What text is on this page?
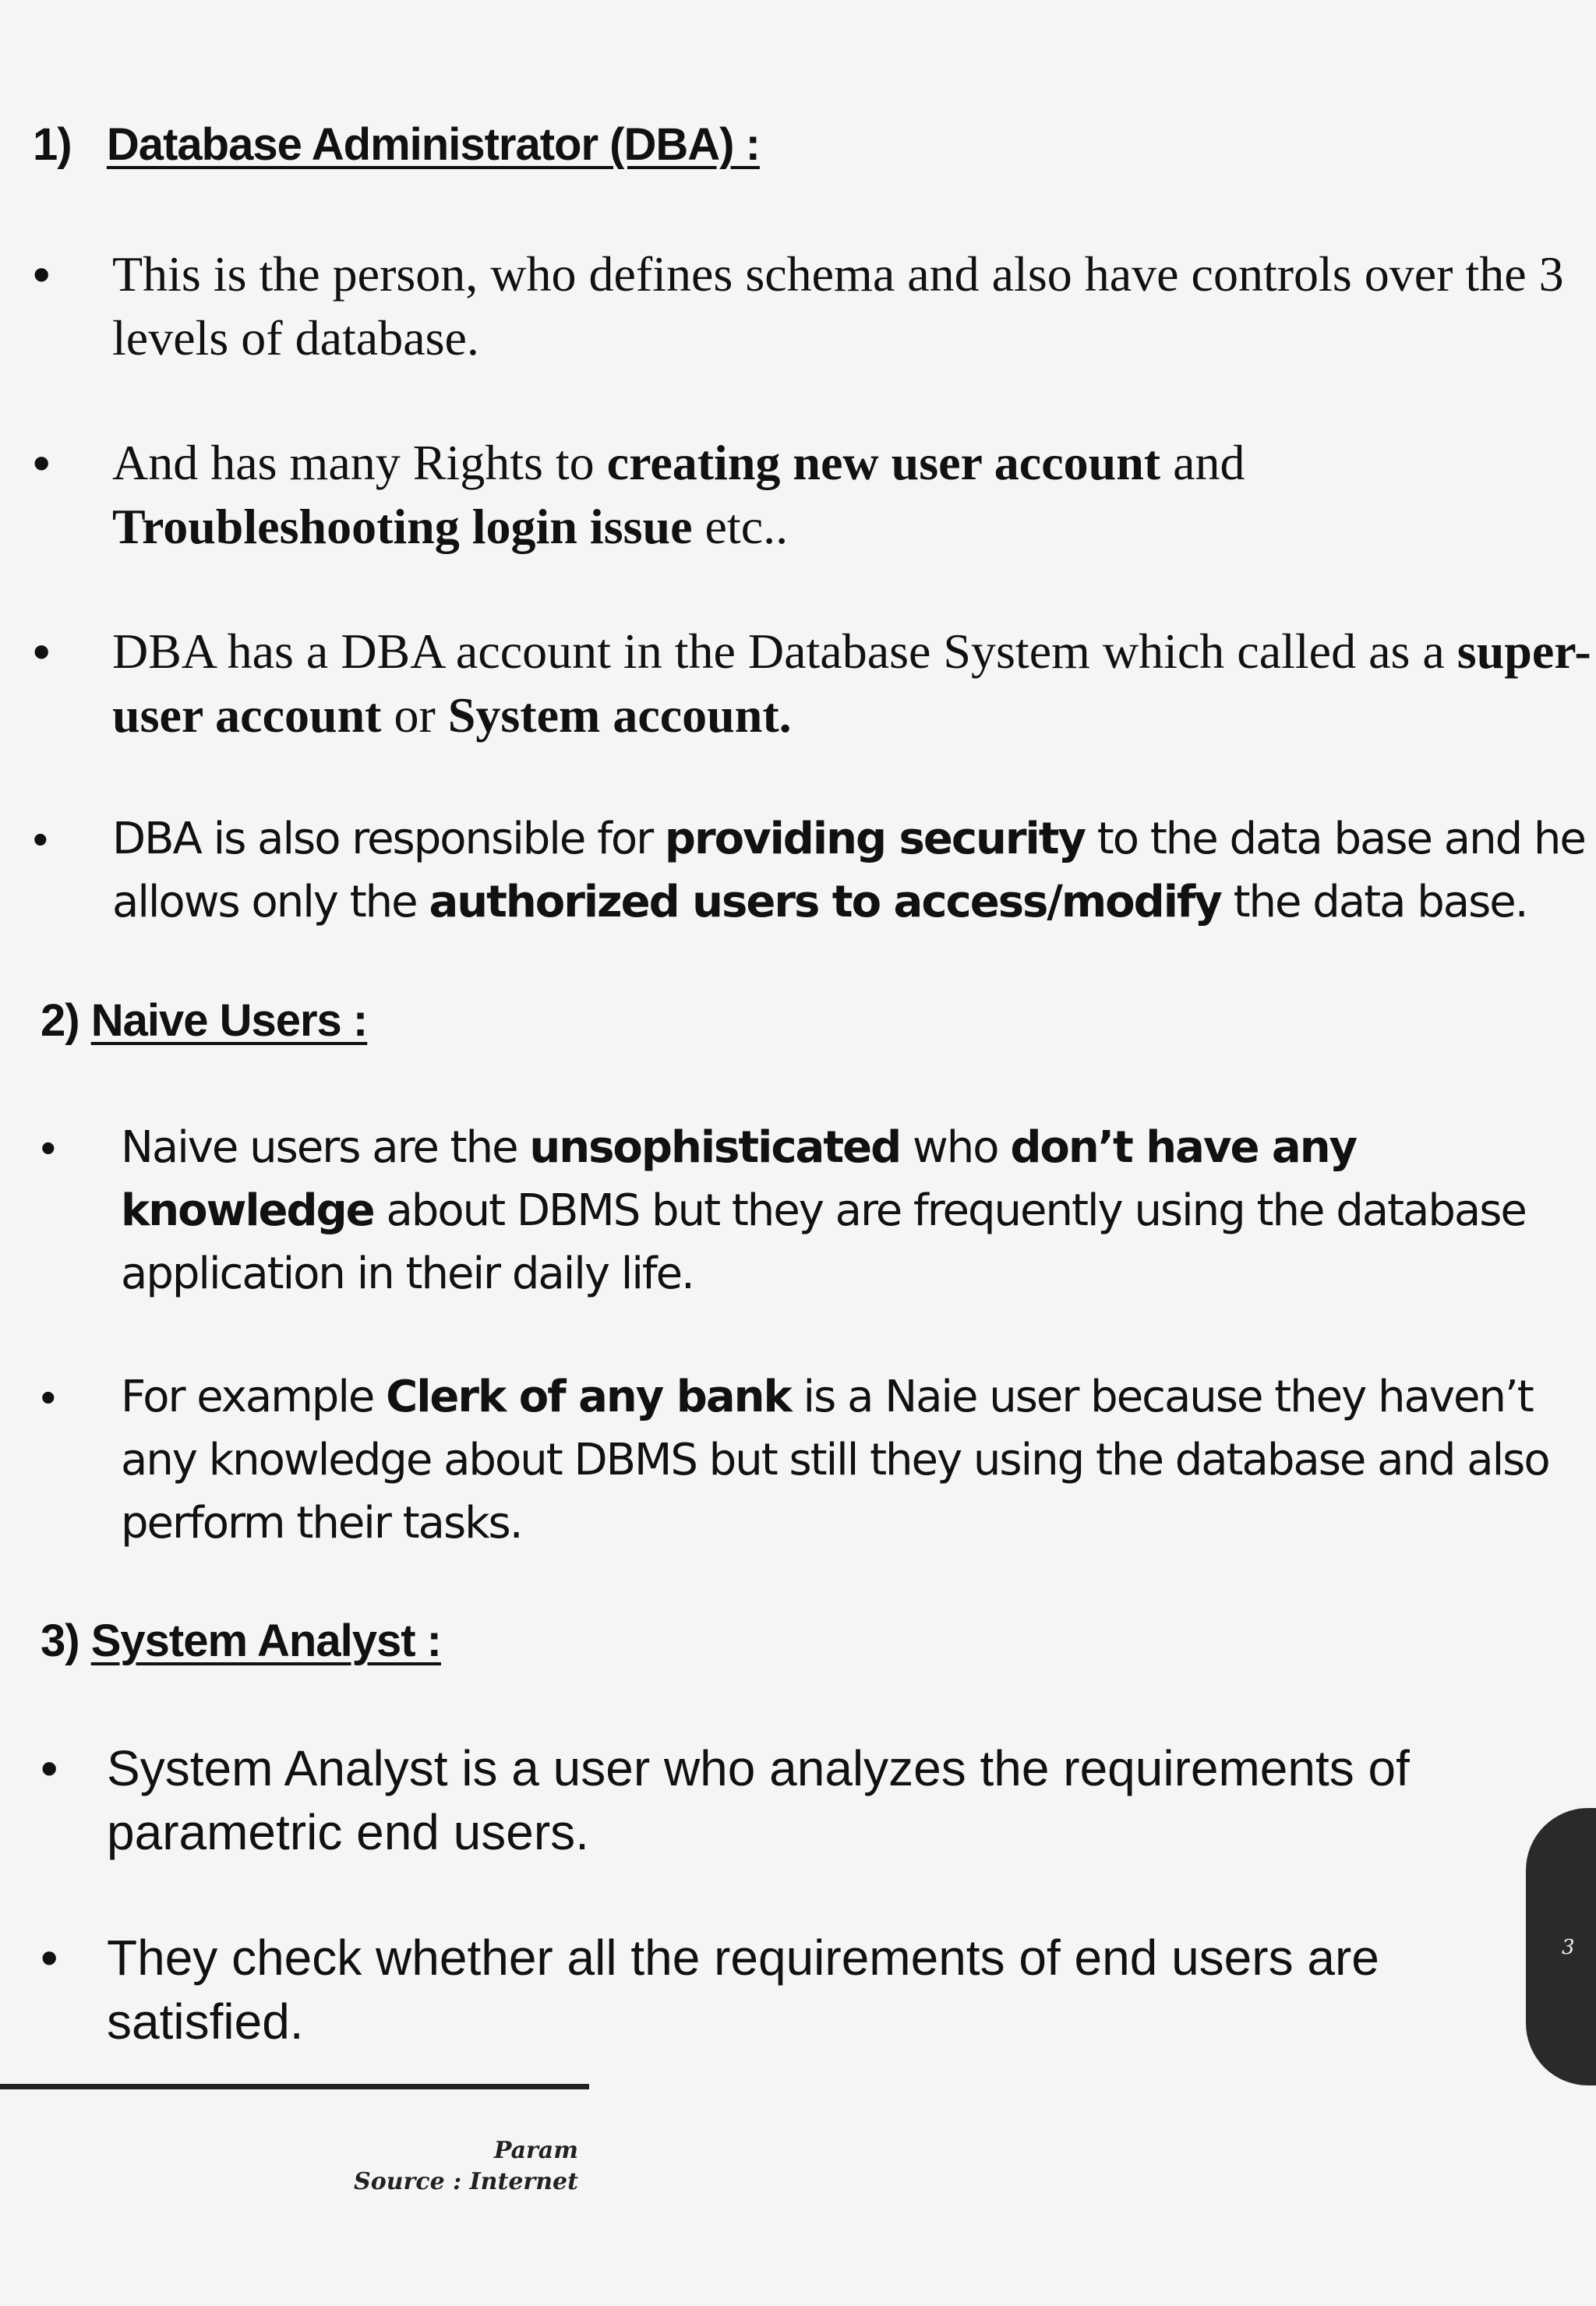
1) Database Administrator (DBA) :
• This is the person, who defines schema and also have controls over the 3 levels of database.
• And has many Rights to creating new user account and Troubleshooting login issue etc..
• DBA has a DBA account in the Database System which called as a super-user account or System account.
• DBA is also responsible for providing security to the data base and he allows only the authorized users to access/modify the data base.
2) Naive Users :
• Naive users are the unsophisticated who don’t have any knowledge about DBMS but they are frequently using the database application in their daily life.
• For example Clerk of any bank is a Naie user because they haven’t any knowledge about DBMS but still they using the database and also perform their tasks.
3) System Analyst :
• System Analyst is a user who analyzes the requirements of parametric end users.
• They check whether all the requirements of end users are satisfied.
Param
Source : Internet
3
